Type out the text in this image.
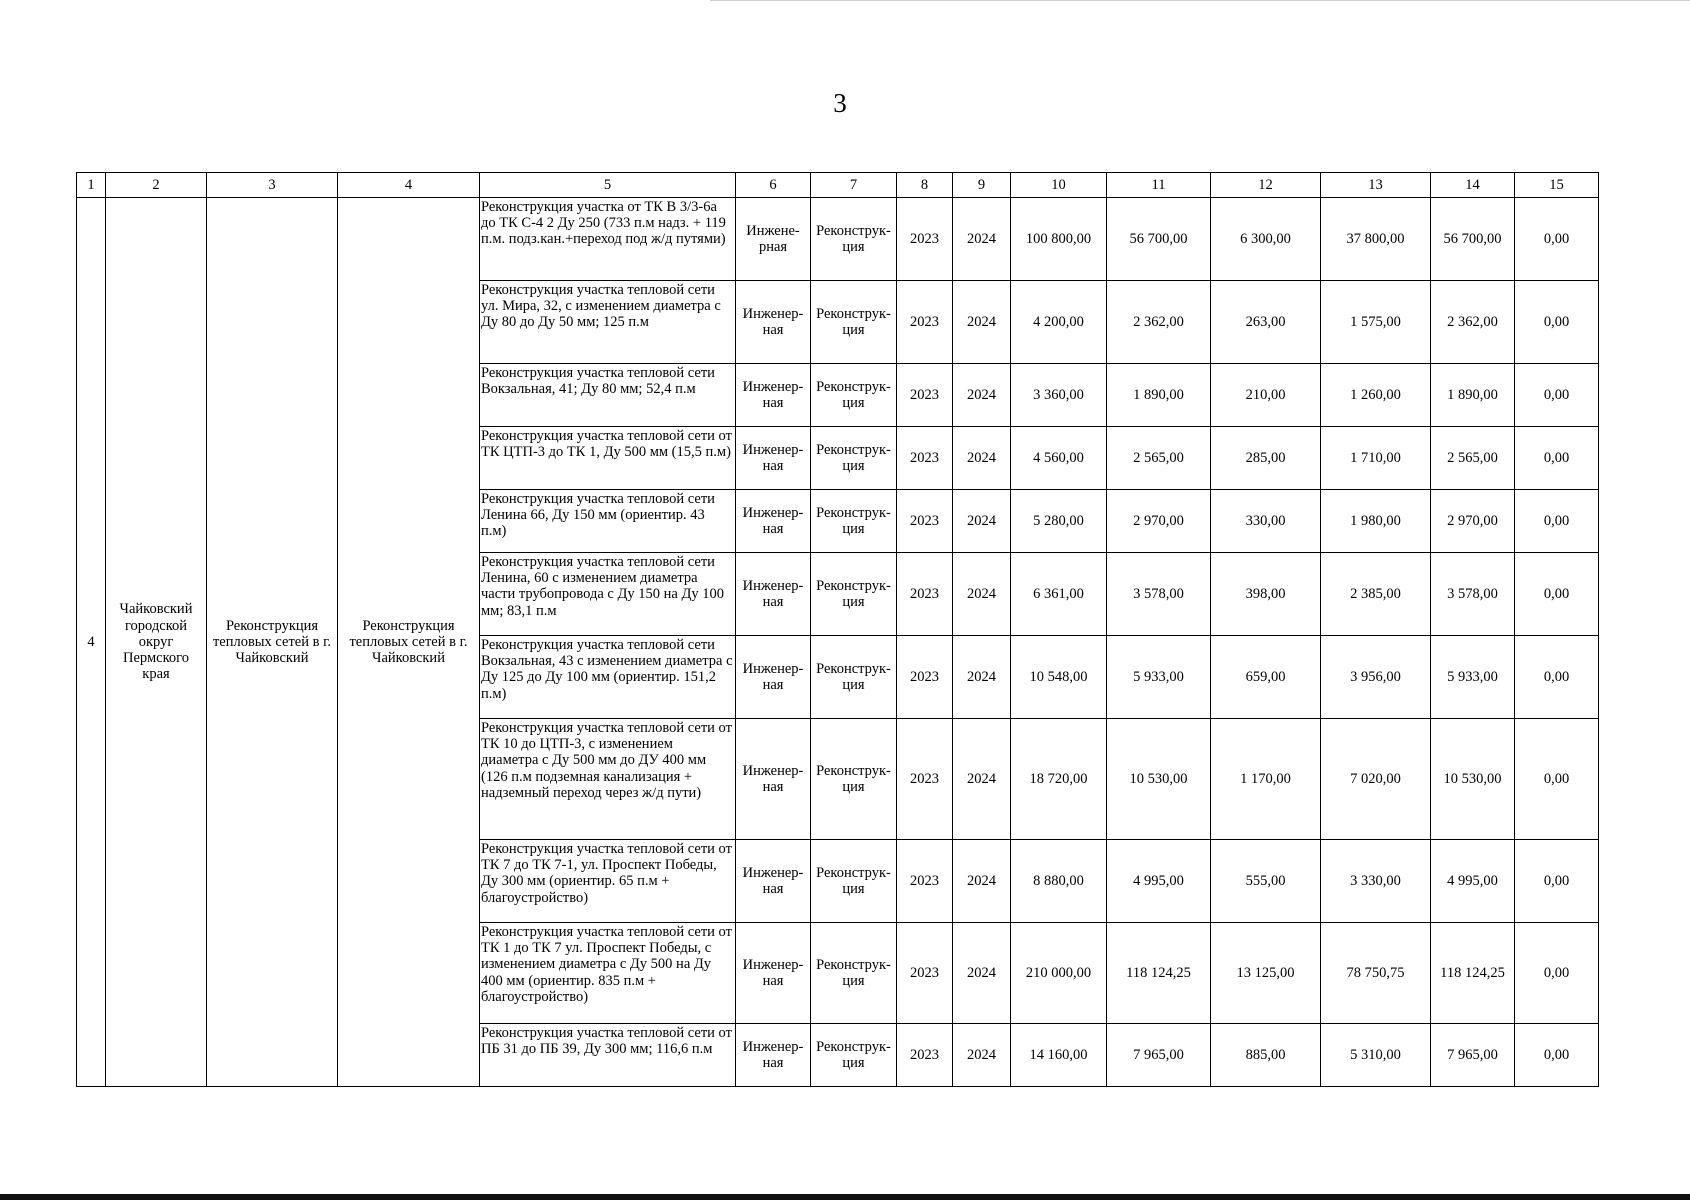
3
1	2	3	4	5	6	7	8	9	10	11	12	13	14	15
4	Чайковский городской округ Пермского края	Реконструкция тепловых сетей в г. Чайковский	Реконструкция тепловых сетей в г. Чайковский	Реконструкция участка от ТК В 3/3-6а до ТК С-4 2 Ду 250 (733 п.м надз. + 119 п.м. подз.кан.+переход под ж/д путями)	Инжене-рная	Реконструк-ция	2023	2024	100 800,00	56 700,00	6 300,00	37 800,00	56 700,00	0,00
				Реконструкция участка тепловой сети ул. Мира, 32, с изменением диаметра с Ду 80 до Ду 50 мм; 125 п.м	Инженер-ная	Реконструк-ция	2023	2024	4 200,00	2 362,00	263,00	1 575,00	2 362,00	0,00
				Реконструкция участка тепловой сети Вокзальная, 41; Ду 80 мм; 52,4 п.м	Инженер-ная	Реконструк-ция	2023	2024	3 360,00	1 890,00	210,00	1 260,00	1 890,00	0,00
				Реконструкция участка тепловой сети от ТК ЦТП-3 до ТК 1, Ду 500 мм (15,5 п.м)	Инженер-ная	Реконструк-ция	2023	2024	4 560,00	2 565,00	285,00	1 710,00	2 565,00	0,00
				Реконструкция участка тепловой сети Ленина 66, Ду 150 мм (ориентир. 43 п.м)	Инженер-ная	Реконструк-ция	2023	2024	5 280,00	2 970,00	330,00	1 980,00	2 970,00	0,00
				Реконструкция участка тепловой сети Ленина, 60 с изменением диаметра части трубопровода с Ду 150 на Ду 100 мм; 83,1 п.м	Инженер-ная	Реконструк-ция	2023	2024	6 361,00	3 578,00	398,00	2 385,00	3 578,00	0,00
				Реконструкция участка тепловой сети Вокзальная, 43 с изменением диаметра с Ду 125 до Ду 100 мм (ориентир. 151,2 п.м)	Инженер-ная	Реконструк-ция	2023	2024	10 548,00	5 933,00	659,00	3 956,00	5 933,00	0,00
				Реконструкция участка тепловой сети от ТК 10 до ЦТП-3, с изменением диаметра с Ду 500 мм до ДУ 400 мм (126 п.м подземная канализация + надземный переход через ж/д пути)	Инженер-ная	Реконструк-ция	2023	2024	18 720,00	10 530,00	1 170,00	7 020,00	10 530,00	0,00
				Реконструкция участка тепловой сети от ТК 7 до ТК 7-1, ул. Проспект Победы, Ду 300 мм (ориентир. 65 п.м + благоустройство)	Инженер-ная	Реконструк-ция	2023	2024	8 880,00	4 995,00	555,00	3 330,00	4 995,00	0,00
				Реконструкция участка тепловой сети от ТК 1 до ТК 7 ул. Проспект Победы, с изменением диаметра с Ду 500 на Ду 400 мм (ориентир. 835 п.м + благоустройство)	Инженер-ная	Реконструк-ция	2023	2024	210 000,00	118 124,25	13 125,00	78 750,75	118 124,25	0,00
				Реконструкция участка тепловой сети от ПБ 31 до ПБ 39, Ду 300 мм; 116,6 п.м	Инженер-ная	Реконструк-ция	2023	2024	14 160,00	7 965,00	885,00	5 310,00	7 965,00	0,00
